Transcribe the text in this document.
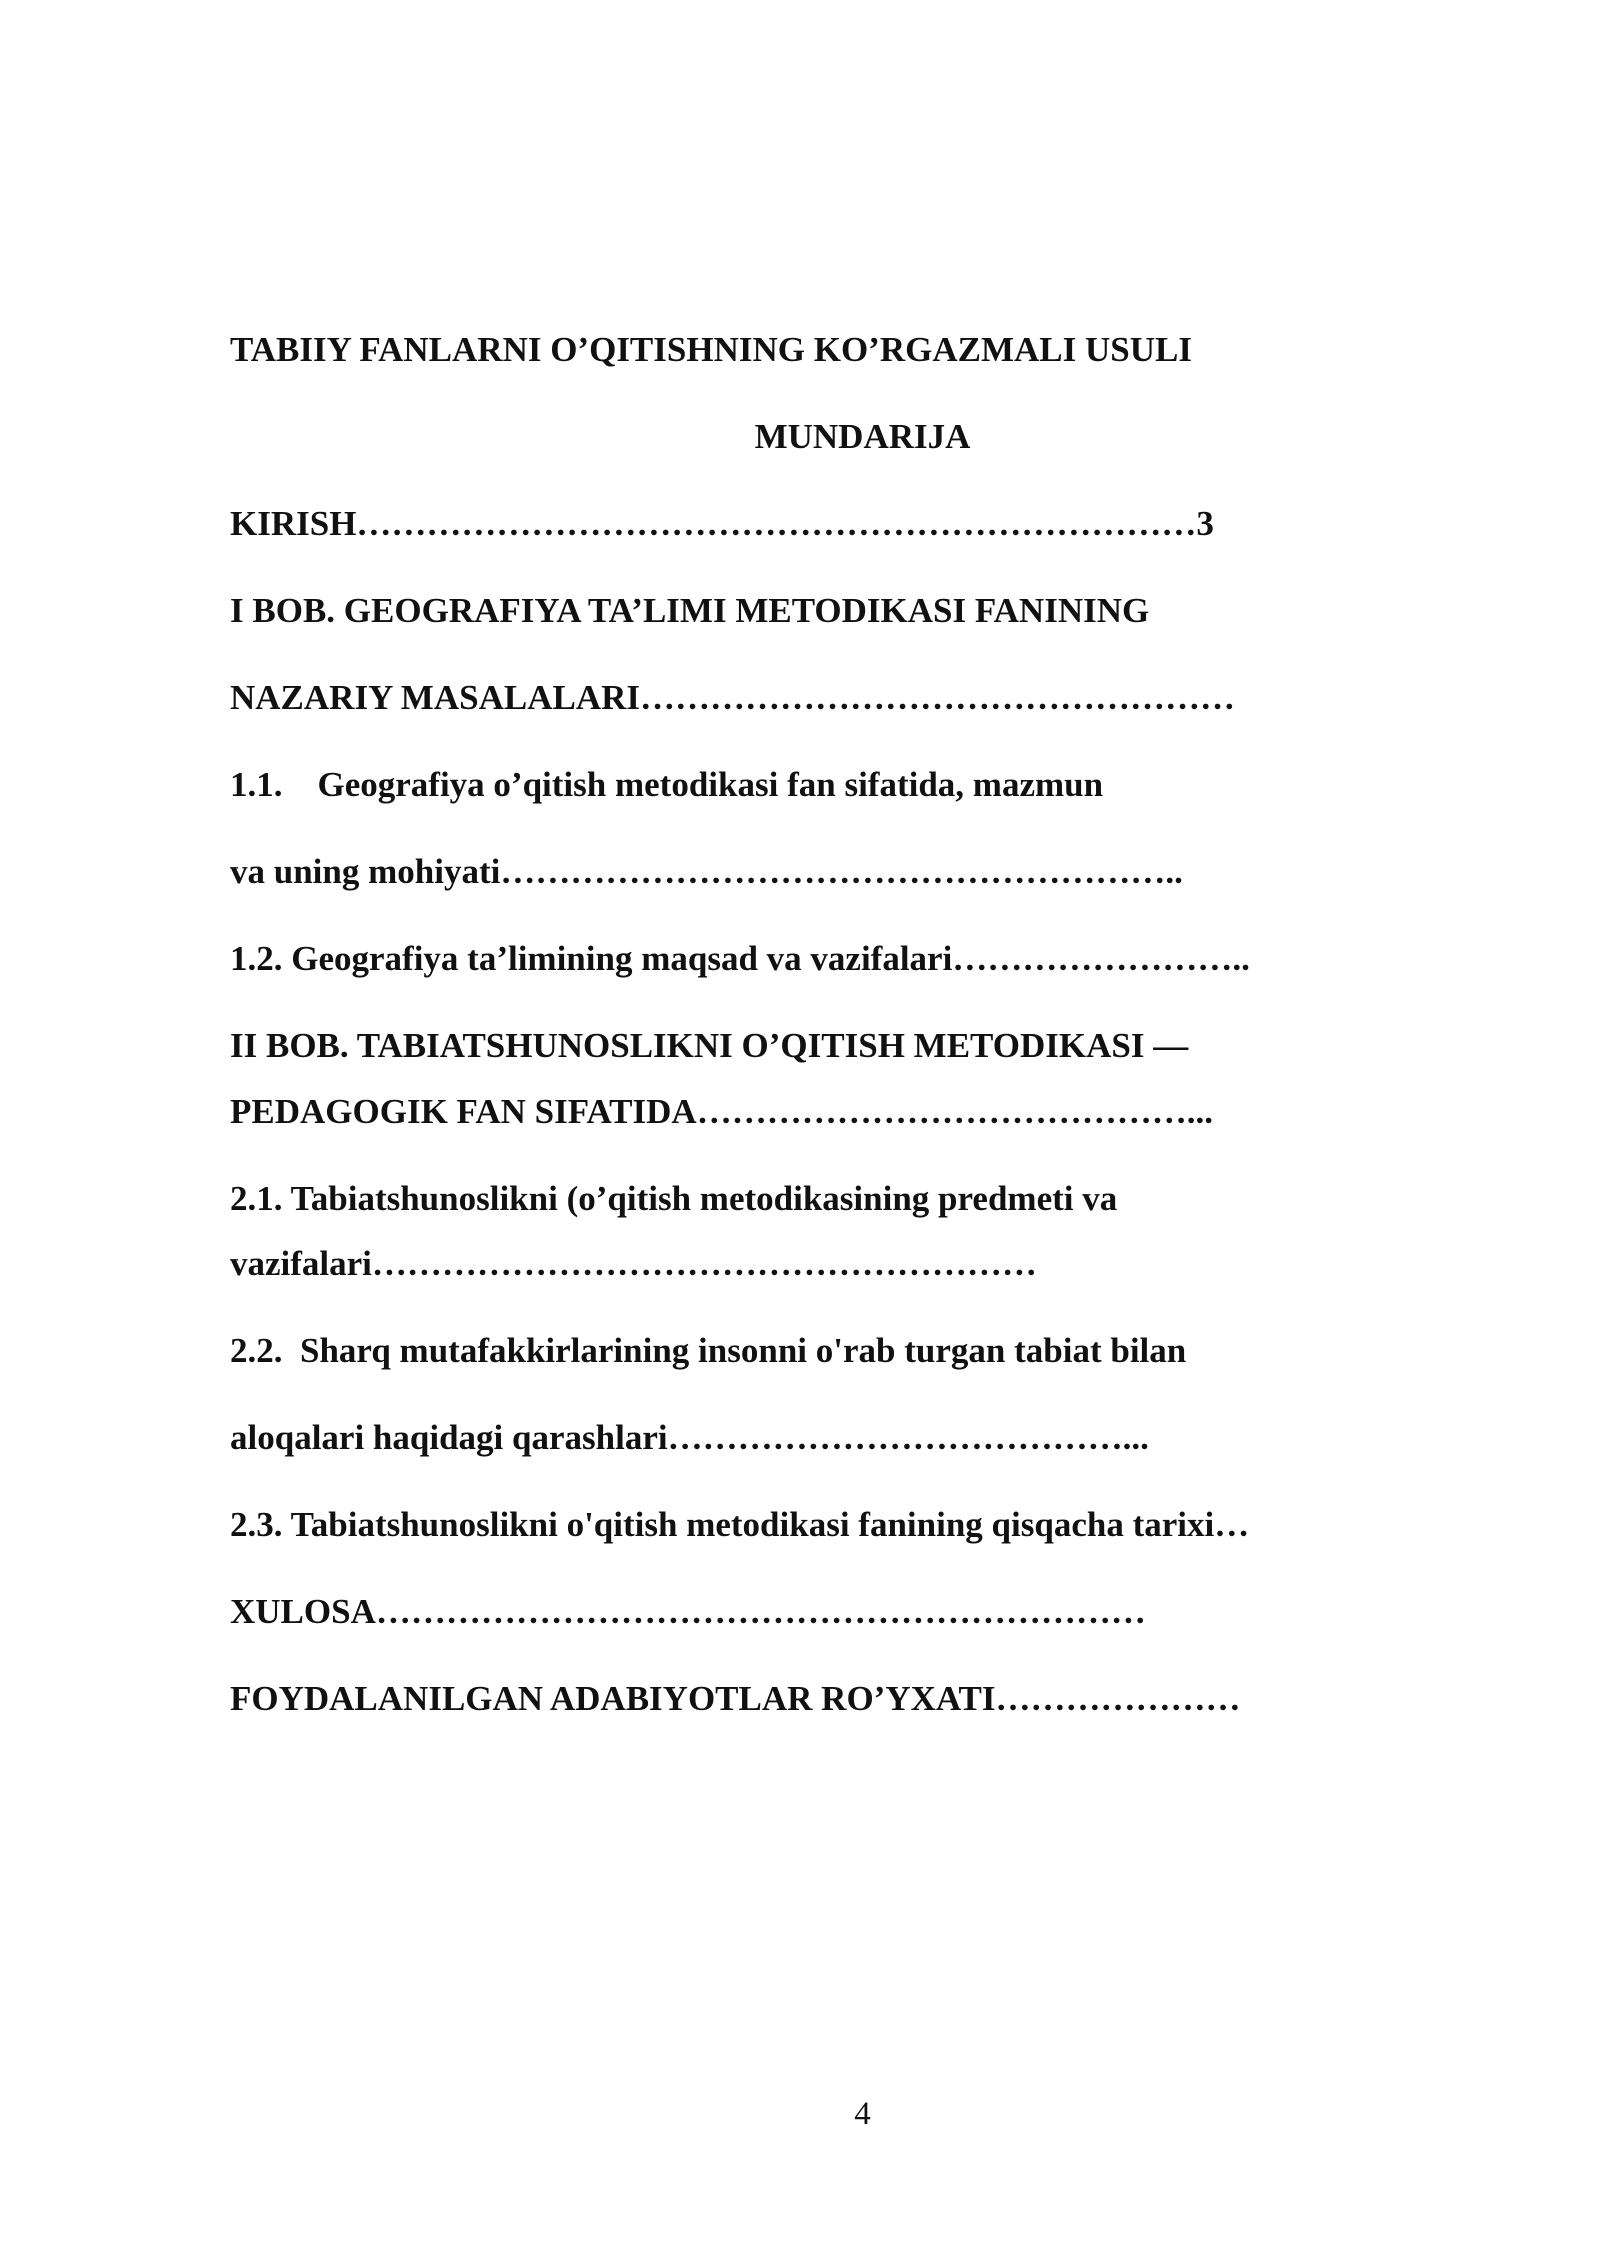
TABIIY FANLARNI O’QITISHNING KO’RGAZMALI USULI
MUNDARIJA
KIRISH………………………………………………………………3
I BOB. GEOGRAFIYA TA’LIMI METODIKASI FANINING
NAZARIY MASALALARI……………………………………………
1.1.    Geografiya o’qitish metodikasi fan sifatida, mazmun
va uning mohiyati…………………………………………………..
1.2. Geografiya ta’limining maqsad va vazifalari……………………..
II BOB. TABIATSHUNOSLIKNI O’QITISH METODIKASI —
PEDAGOGIK FAN SIFATIDA……………………………………...
2.1. Tabiatshunoslikni (o’qitish metodikasining predmeti va
vazifalari…………………………………………………
2.2.  Sharq mutafakkirlarining insonni o'rab turgan tabiat bilan
aloqalari haqidagi qarashlari…………………………………...
2.3. Tabiatshunoslikni o'qitish metodikasi fanining qisqacha tarixi…
XULOSA…………………………………………………………
FOYDALANILGAN ADABIYOTLAR RO’YXATI…………………
4
